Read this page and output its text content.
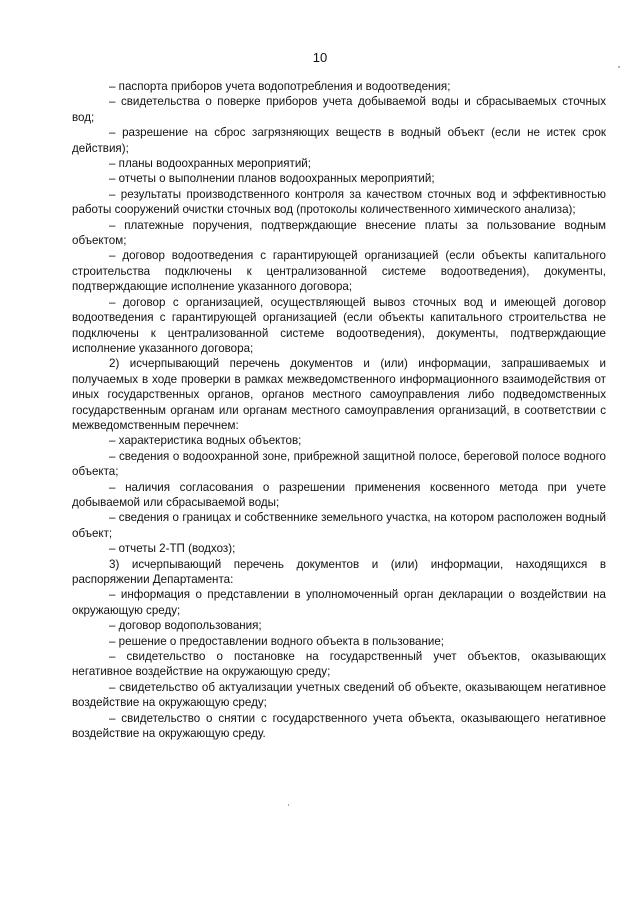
10

– паспорта приборов учета водопотребления и водоотведения;

– свидетельства о поверке приборов учета добываемой воды и сбрасываемых сточных вод;

– разрешение на сброс загрязняющих веществ в водный объект (если не истек срок действия);

– планы водоохранных мероприятий;

– отчеты о выполнении планов водоохранных мероприятий;

– результаты производственного контроля за качеством сточных вод и эффективностью работы сооружений очистки сточных вод (протоколы количественного химического анализа);

– платежные поручения, подтверждающие внесение платы за пользование водным объектом;

– договор водоотведения с гарантирующей организацией (если объекты капитального строительства подключены к централизованной системе водоотведения), документы, подтверждающие исполнение указанного договора;

– договор с организацией, осуществляющей вывоз сточных вод и имеющей договор водоотведения с гарантирующей организацией (если объекты капитального строительства не подключены к централизованной системе водоотведения), документы, подтверждающие исполнение указанного договора;

2) исчерпывающий перечень документов и (или) информации, запрашиваемых и получаемых в ходе проверки в рамках межведомственного информационного взаимодействия от иных государственных органов, органов местного самоуправления либо подведомственных государственным органам или органам местного самоуправления организаций, в соответствии с межведомственным перечнем:

– характеристика водных объектов;

– сведения о водоохранной зоне, прибрежной защитной полосе, береговой полосе водного объекта;

– наличия согласования о разрешении применения косвенного метода при учете добываемой или сбрасываемой воды;

– сведения о границах и собственнике земельного участка, на котором расположен водный объект;

– отчеты 2-ТП (водхоз);

3) исчерпывающий перечень документов и (или) информации, находящихся в распоряжении Департамента:

– информация о представлении в уполномоченный орган декларации о воздействии на окружающую среду;

– договор водопользования;

– решение о предоставлении водного объекта в пользование;

– свидетельство о постановке на государственный учет объектов, оказывающих негативное воздействие на окружающую среду;

– свидетельство об актуализации учетных сведений об объекте, оказывающем негативное воздействие на окружающую среду;

– свидетельство о снятии с государственного учета объекта, оказывающего негативное воздействие на окружающую среду.
